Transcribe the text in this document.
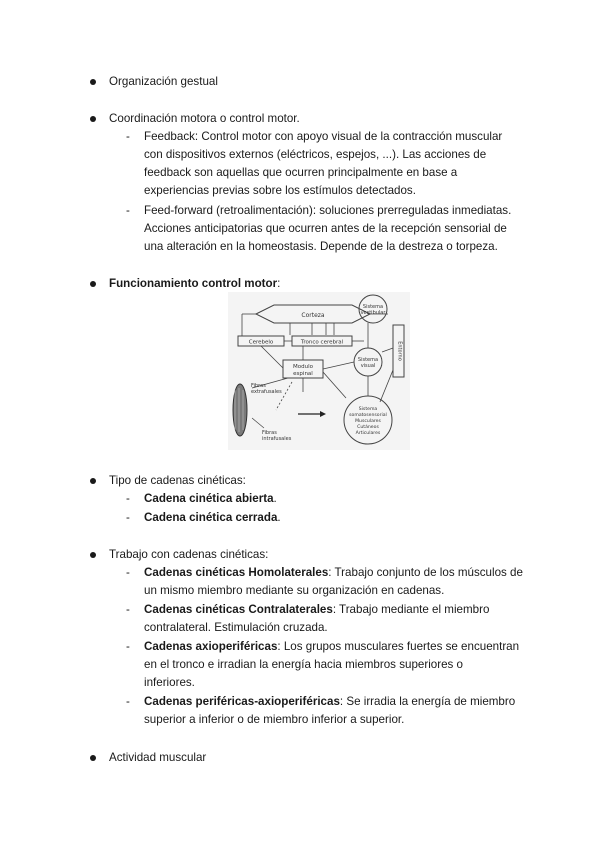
Organización gestual
Coordinación motora o control motor.
- Feedback: Control motor con apoyo visual de la contracción muscular
con dispositivos externos (eléctricos, espejos, ...). Las acciones de
feedback son aquellas que ocurren principalmente en base a
experiencias previas sobre los estímulos detectados.
- Feed-forward (retroalimentación): soluciones prerreguladas inmediatas.
Acciones anticipatorias que ocurren antes de la recepción sensorial de
una alteración en la homeostasis. Depende de la destreza o torpeza.
Funcionamiento control motor:
Corteza
Cerebelo	Tronco cerebral
Modulo
espinal
Sistema
vestibular
Sistema
visual
Entorno
Sistema
somatosensorial
Musculares
Cutáneos
Articulares
Fibras
extrafusales
Fibras
intrafusales
Tipo de cadenas cinéticas:
- Cadena cinética abierta.
- Cadena cinética cerrada.
Trabajo con cadenas cinéticas:
- Cadenas cinéticas Homolaterales: Trabajo conjunto de los músculos de
un mismo miembro mediante su organización en cadenas.
- Cadenas cinéticas Contralaterales: Trabajo mediante el miembro
contralateral. Estimulación cruzada.
- Cadenas axioperiféricas: Los grupos musculares fuertes se encuentran
en el tronco e irradian la energía hacia miembros superiores o
inferiores.
- Cadenas periféricas-axioperiféricas: Se irradia la energía de miembro
superior a inferior o de miembro inferior a superior.
Actividad muscular
